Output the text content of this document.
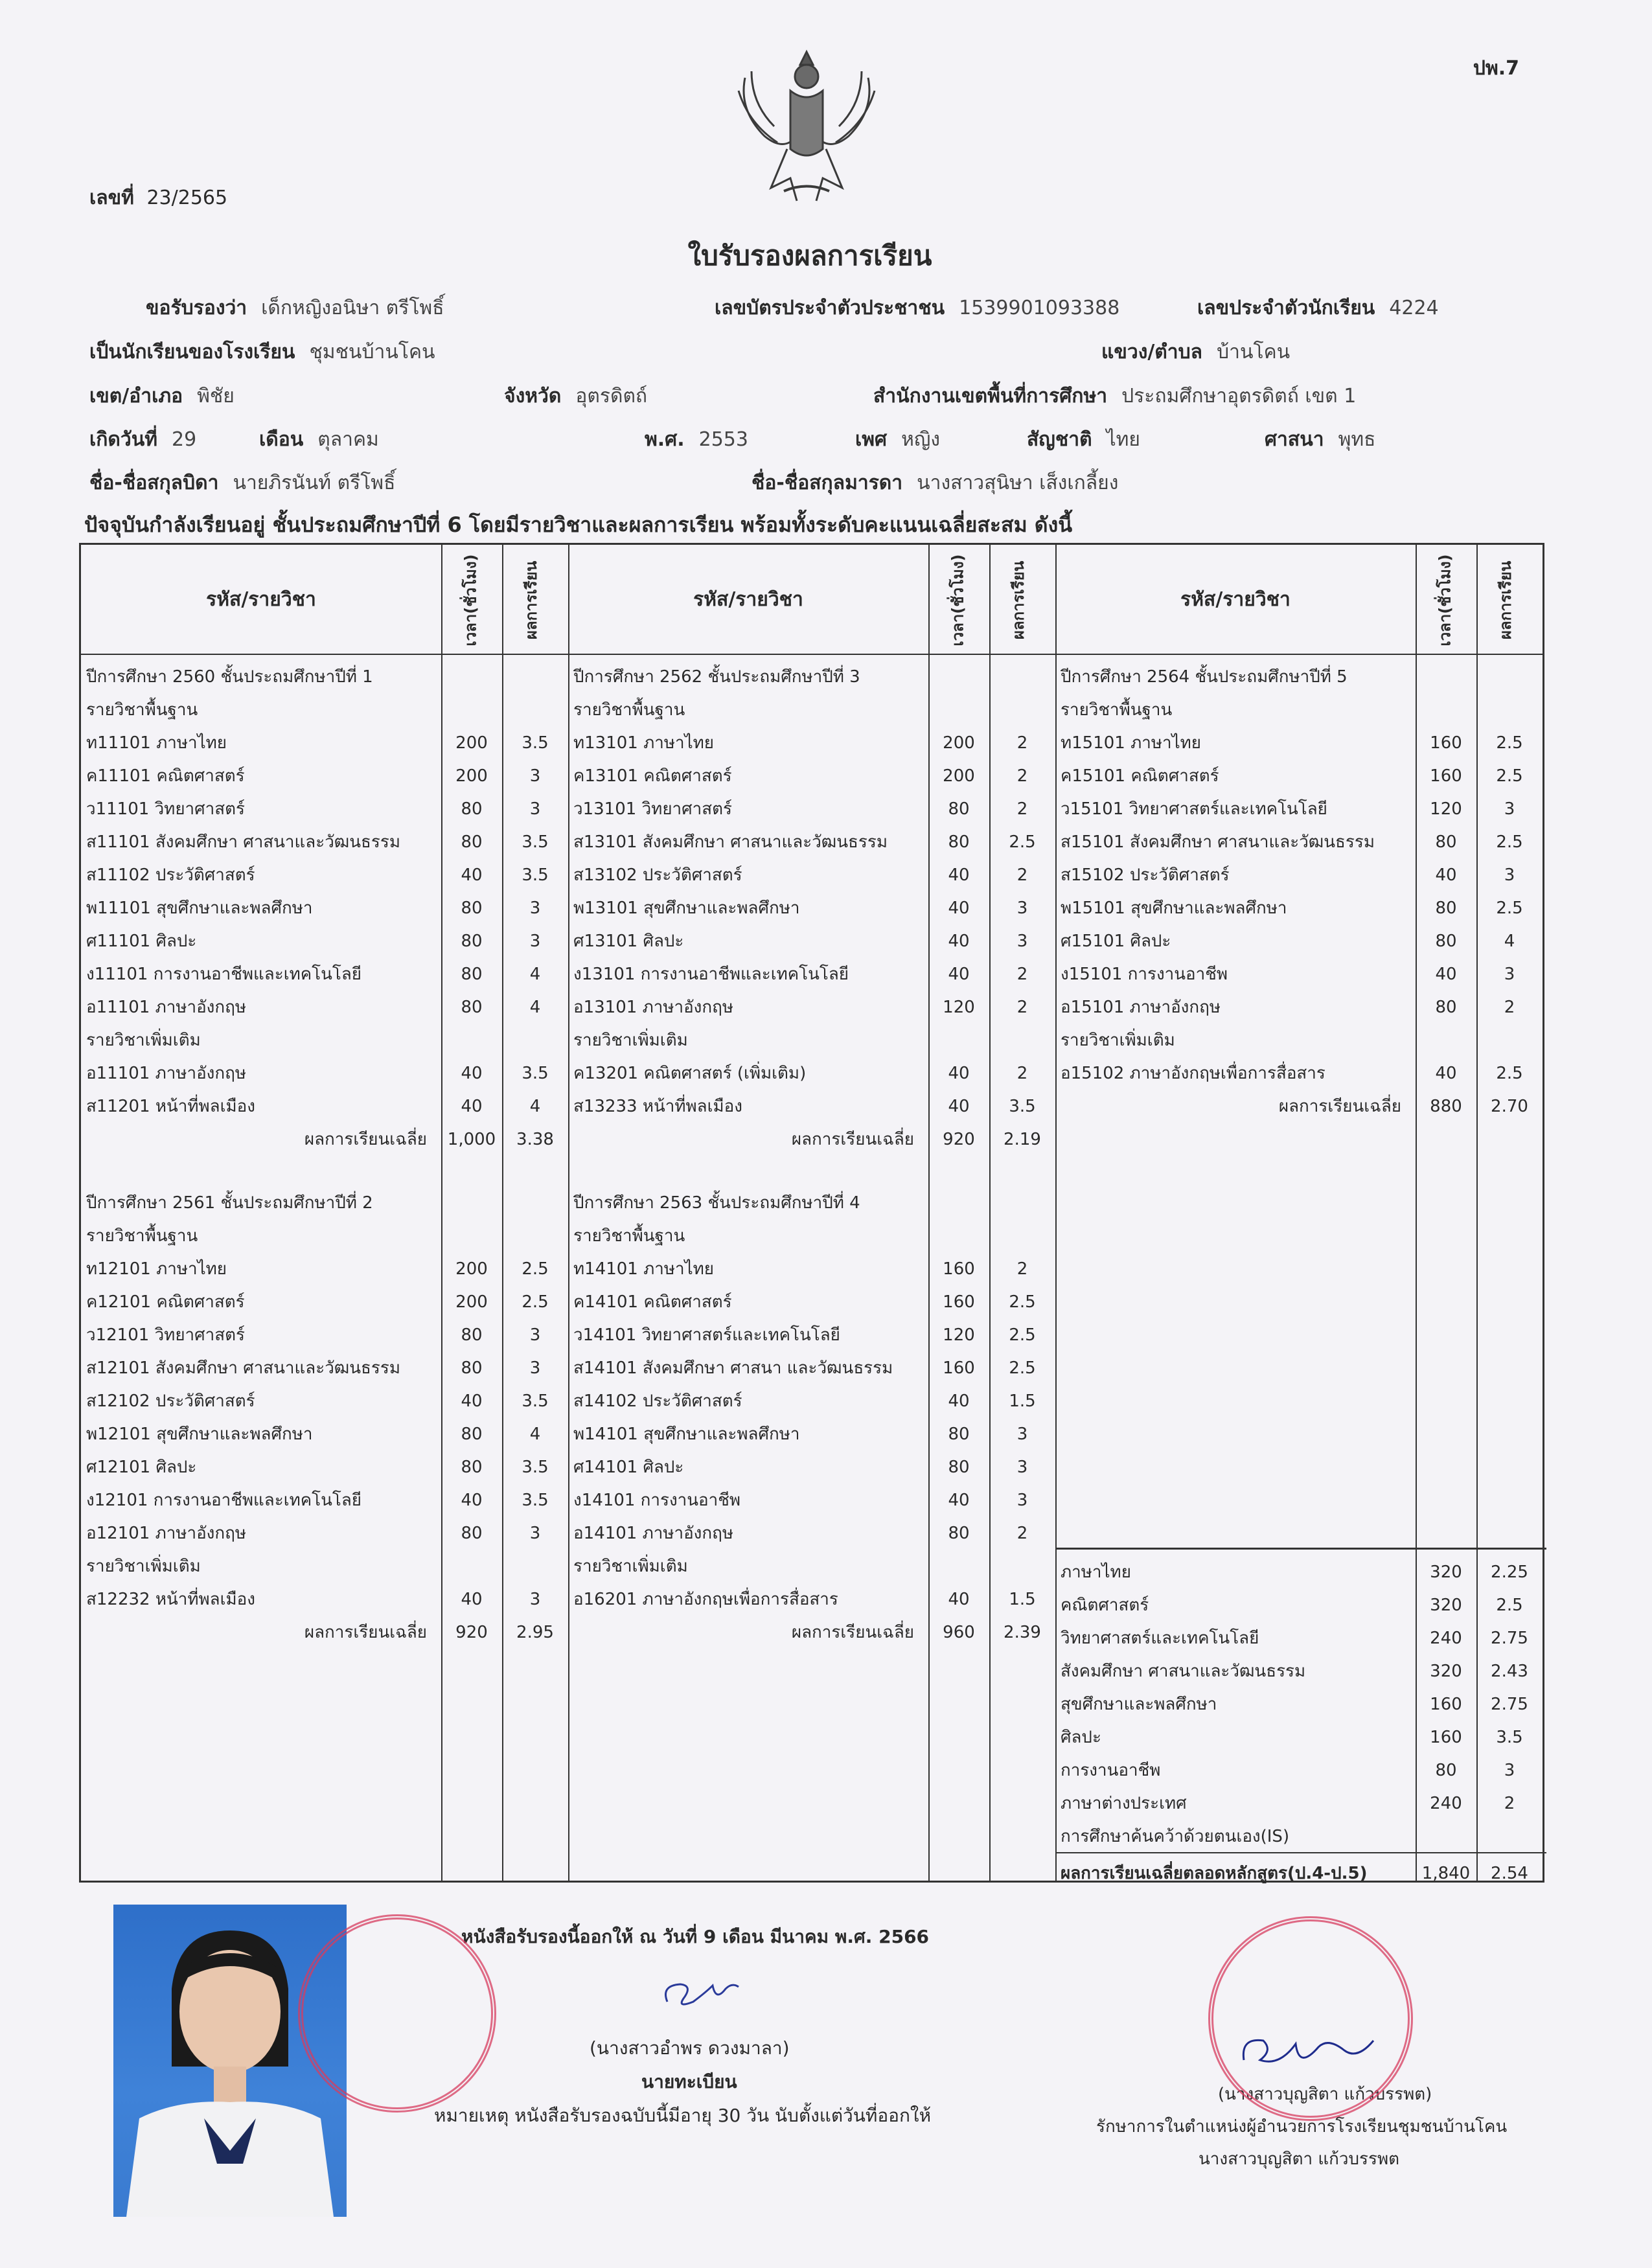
ปพ.7
เลขที่ 23/2565
ใบรับรองผลการเรียน
ขอรับรองว่า เด็กหญิงอนิษา ตรีโพธิ์	เลขบัตรประจำตัวประชาชน 1539901093388	เลขประจำตัวนักเรียน 4224
เป็นนักเรียนของโรงเรียน ชุมชนบ้านโคน	แขวง/ตำบล บ้านโคน
เขต/อำเภอ พิชัย	จังหวัด อุตรดิตถ์	สำนักงานเขตพื้นที่การศึกษา ประถมศึกษาอุตรดิตถ์ เขต 1
เกิดวันที่ 29	เดือน ตุลาคม	พ.ศ. 2553	เพศ หญิง	สัญชาติ ไทย	ศาสนา พุทธ
ชื่อ-ชื่อสกุลบิดา นายภิรนันท์ ตรีโพธิ์	ชื่อ-ชื่อสกุลมารดา นางสาวสุนิษา เส็งเกลี้ยง
ปัจจุบันกำลังเรียนอยู่ ชั้นประถมศึกษาปีที่ 6 โดยมีรายวิชาและผลการเรียน พร้อมทั้งระดับคะแนนเฉลี่ยสะสม ดังนี้
รหัส/รายวิชา	เวลา(ชั่วโมง)	ผลการเรียน	รหัส/รายวิชา	เวลา(ชั่วโมง)	ผลการเรียน	รหัส/รายวิชา	เวลา(ชั่วโมง)	ผลการเรียน
ปีการศึกษา 2560 ชั้นประถมศึกษาปีที่ 1
รายวิชาพื้นฐาน
ท11101 ภาษาไทย	200	3.5
ค11101 คณิตศาสตร์	200	3
ว11101 วิทยาศาสตร์	80	3
ส11101 สังคมศึกษา ศาสนาและวัฒนธรรม	80	3.5
ส11102 ประวัติศาสตร์	40	3.5
พ11101 สุขศึกษาและพลศึกษา	80	3
ศ11101 ศิลปะ	80	3
ง11101 การงานอาชีพและเทคโนโลยี	80	4
อ11101 ภาษาอังกฤษ	80	4
รายวิชาเพิ่มเติม
อ11101 ภาษาอังกฤษ	40	3.5
ส11201 หน้าที่พลเมือง	40	4
ผลการเรียนเฉลี่ย	1,000	3.38
ปีการศึกษา 2561 ชั้นประถมศึกษาปีที่ 2
รายวิชาพื้นฐาน
ท12101 ภาษาไทย	200	2.5
ค12101 คณิตศาสตร์	200	2.5
ว12101 วิทยาศาสตร์	80	3
ส12101 สังคมศึกษา ศาสนาและวัฒนธรรม	80	3
ส12102 ประวัติศาสตร์	40	3.5
พ12101 สุขศึกษาและพลศึกษา	80	4
ศ12101 ศิลปะ	80	3.5
ง12101 การงานอาชีพและเทคโนโลยี	40	3.5
อ12101 ภาษาอังกฤษ	80	3
รายวิชาเพิ่มเติม
ส12232 หน้าที่พลเมือง	40	3
ผลการเรียนเฉลี่ย	920	2.95
ปีการศึกษา 2562 ชั้นประถมศึกษาปีที่ 3
รายวิชาพื้นฐาน
ท13101 ภาษาไทย	200	2
ค13101 คณิตศาสตร์	200	2
ว13101 วิทยาศาสตร์	80	2
ส13101 สังคมศึกษา ศาสนาและวัฒนธรรม	80	2.5
ส13102 ประวัติศาสตร์	40	2
พ13101 สุขศึกษาและพลศึกษา	40	3
ศ13101 ศิลปะ	40	3
ง13101 การงานอาชีพและเทคโนโลยี	40	2
อ13101 ภาษาอังกฤษ	120	2
รายวิชาเพิ่มเติม
ค13201 คณิตศาสตร์ (เพิ่มเติม)	40	2
ส13233 หน้าที่พลเมือง	40	3.5
ผลการเรียนเฉลี่ย	920	2.19
ปีการศึกษา 2563 ชั้นประถมศึกษาปีที่ 4
รายวิชาพื้นฐาน
ท14101 ภาษาไทย	160	2
ค14101 คณิตศาสตร์	160	2.5
ว14101 วิทยาศาสตร์และเทคโนโลยี	120	2.5
ส14101 สังคมศึกษา ศาสนา และวัฒนธรรม	160	2.5
ส14102 ประวัติศาสตร์	40	1.5
พ14101 สุขศึกษาและพลศึกษา	80	3
ศ14101 ศิลปะ	80	3
ง14101 การงานอาชีพ	40	3
อ14101 ภาษาอังกฤษ	80	2
รายวิชาเพิ่มเติม
อ16201 ภาษาอังกฤษเพื่อการสื่อสาร	40	1.5
ผลการเรียนเฉลี่ย	960	2.39
ปีการศึกษา 2564 ชั้นประถมศึกษาปีที่ 5
รายวิชาพื้นฐาน
ท15101 ภาษาไทย	160	2.5
ค15101 คณิตศาสตร์	160	2.5
ว15101 วิทยาศาสตร์และเทคโนโลยี	120	3
ส15101 สังคมศึกษา ศาสนาและวัฒนธรรม	80	2.5
ส15102 ประวัติศาสตร์	40	3
พ15101 สุขศึกษาและพลศึกษา	80	2.5
ศ15101 ศิลปะ	80	4
ง15101 การงานอาชีพ	40	3
อ15101 ภาษาอังกฤษ	80	2
รายวิชาเพิ่มเติม
อ15102 ภาษาอังกฤษเพื่อการสื่อสาร	40	2.5
ผลการเรียนเฉลี่ย	880	2.70
ภาษาไทย	320	2.25
คณิตศาสตร์	320	2.5
วิทยาศาสตร์และเทคโนโลยี	240	2.75
สังคมศึกษา ศาสนาและวัฒนธรรม	320	2.43
สุขศึกษาและพลศึกษา	160	2.75
ศิลปะ	160	3.5
การงานอาชีพ	80	3
ภาษาต่างประเทศ	240	2
การศึกษาค้นคว้าด้วยตนเอง(IS)
ผลการเรียนเฉลี่ยตลอดหลักสูตร(ป.4-ป.5)	1,840	2.54
หนังสือรับรองนี้ออกให้ ณ วันที่ 9 เดือน มีนาคม พ.ศ. 2566
(นางสาวอำพร ดวงมาลา)
นายทะเบียน
หมายเหตุ หนังสือรับรองฉบับนี้มีอายุ 30 วัน นับตั้งแต่วันที่ออกให้
(นางสาวบุญสิตา แก้วบรรพต)
รักษาการในตำแหน่งผู้อำนวยการโรงเรียนชุมชนบ้านโคน
นางสาวบุญสิตา แก้วบรรพต
